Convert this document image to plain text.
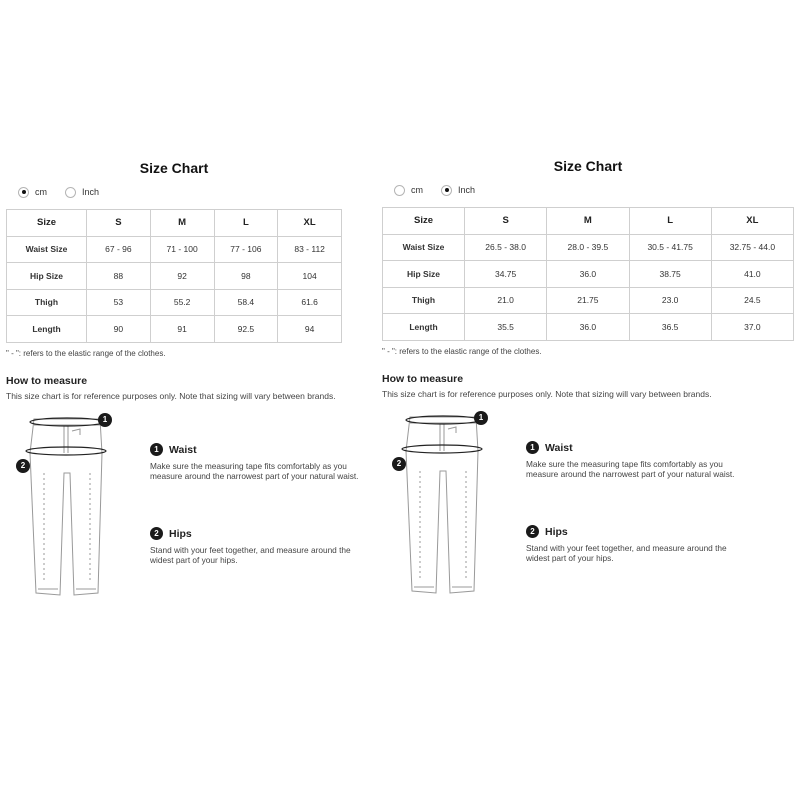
Size Chart
cm	Inch
Size	S	M	L	XL
Waist Size	67 - 96	71 - 100	77 - 106	83 - 112
Hip Size	88	92	98	104
Thigh	53	55.2	58.4	61.6
Length	90	91	92.5	94
" - ": refers to the elastic range of the clothes.
How to measure
This size chart is for reference purposes only. Note that sizing will vary between brands.
1
2
1 Waist
Make sure the measuring tape fits comfortably as you measure around the narrowest part of your natural waist.
2 Hips
Stand with your feet together, and measure around the widest part of your hips.
Size Chart
cm	Inch
Size	S	M	L	XL
Waist Size	26.5 - 38.0	28.0 - 39.5	30.5 - 41.75	32.75 - 44.0
Hip Size	34.75	36.0	38.75	41.0
Thigh	21.0	21.75	23.0	24.5
Length	35.5	36.0	36.5	37.0
" - ": refers to the elastic range of the clothes.
How to measure
This size chart is for reference purposes only. Note that sizing will vary between brands.
1
2
1 Waist
Make sure the measuring tape fits comfortably as you measure around the narrowest part of your natural waist.
2 Hips
Stand with your feet together, and measure around the widest part of your hips.
